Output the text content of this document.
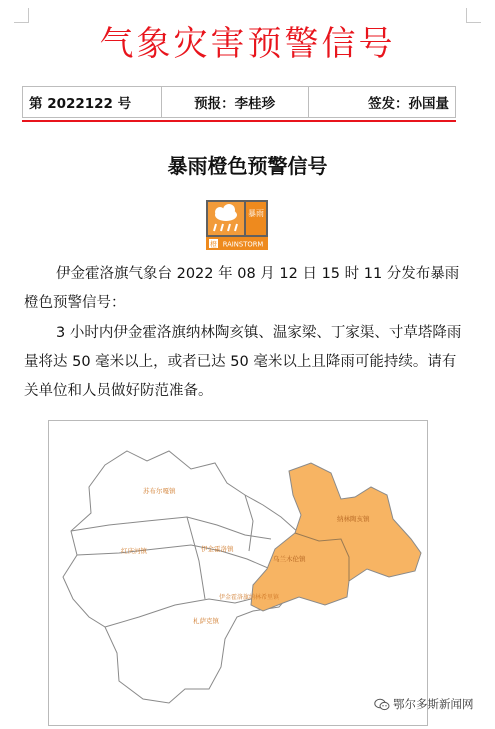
气象灾害预警信号
第 2022122 号	预报：李桂珍	签发：孙国量
暴雨橙色预警信号
暴雨
橙 RAINSTORM
伊金霍洛旗气象台 2022 年 08 月 12 日 15 时 11 分发布暴雨橙色预警信号：
3 小时内伊金霍洛旗纳林陶亥镇、温家梁、丁家渠、寸草塔降雨量将达 50 毫米以上，或者已达 50 毫米以上且降雨可能持续。请有关单位和人员做好防范准备。
苏布尔嘎镇
红庆河镇	伊金霍洛镇
乌兰木伦镇
纳林陶亥镇
札萨克镇
伊金霍洛旗纳林希里镇
鄂尔多斯新闻网
